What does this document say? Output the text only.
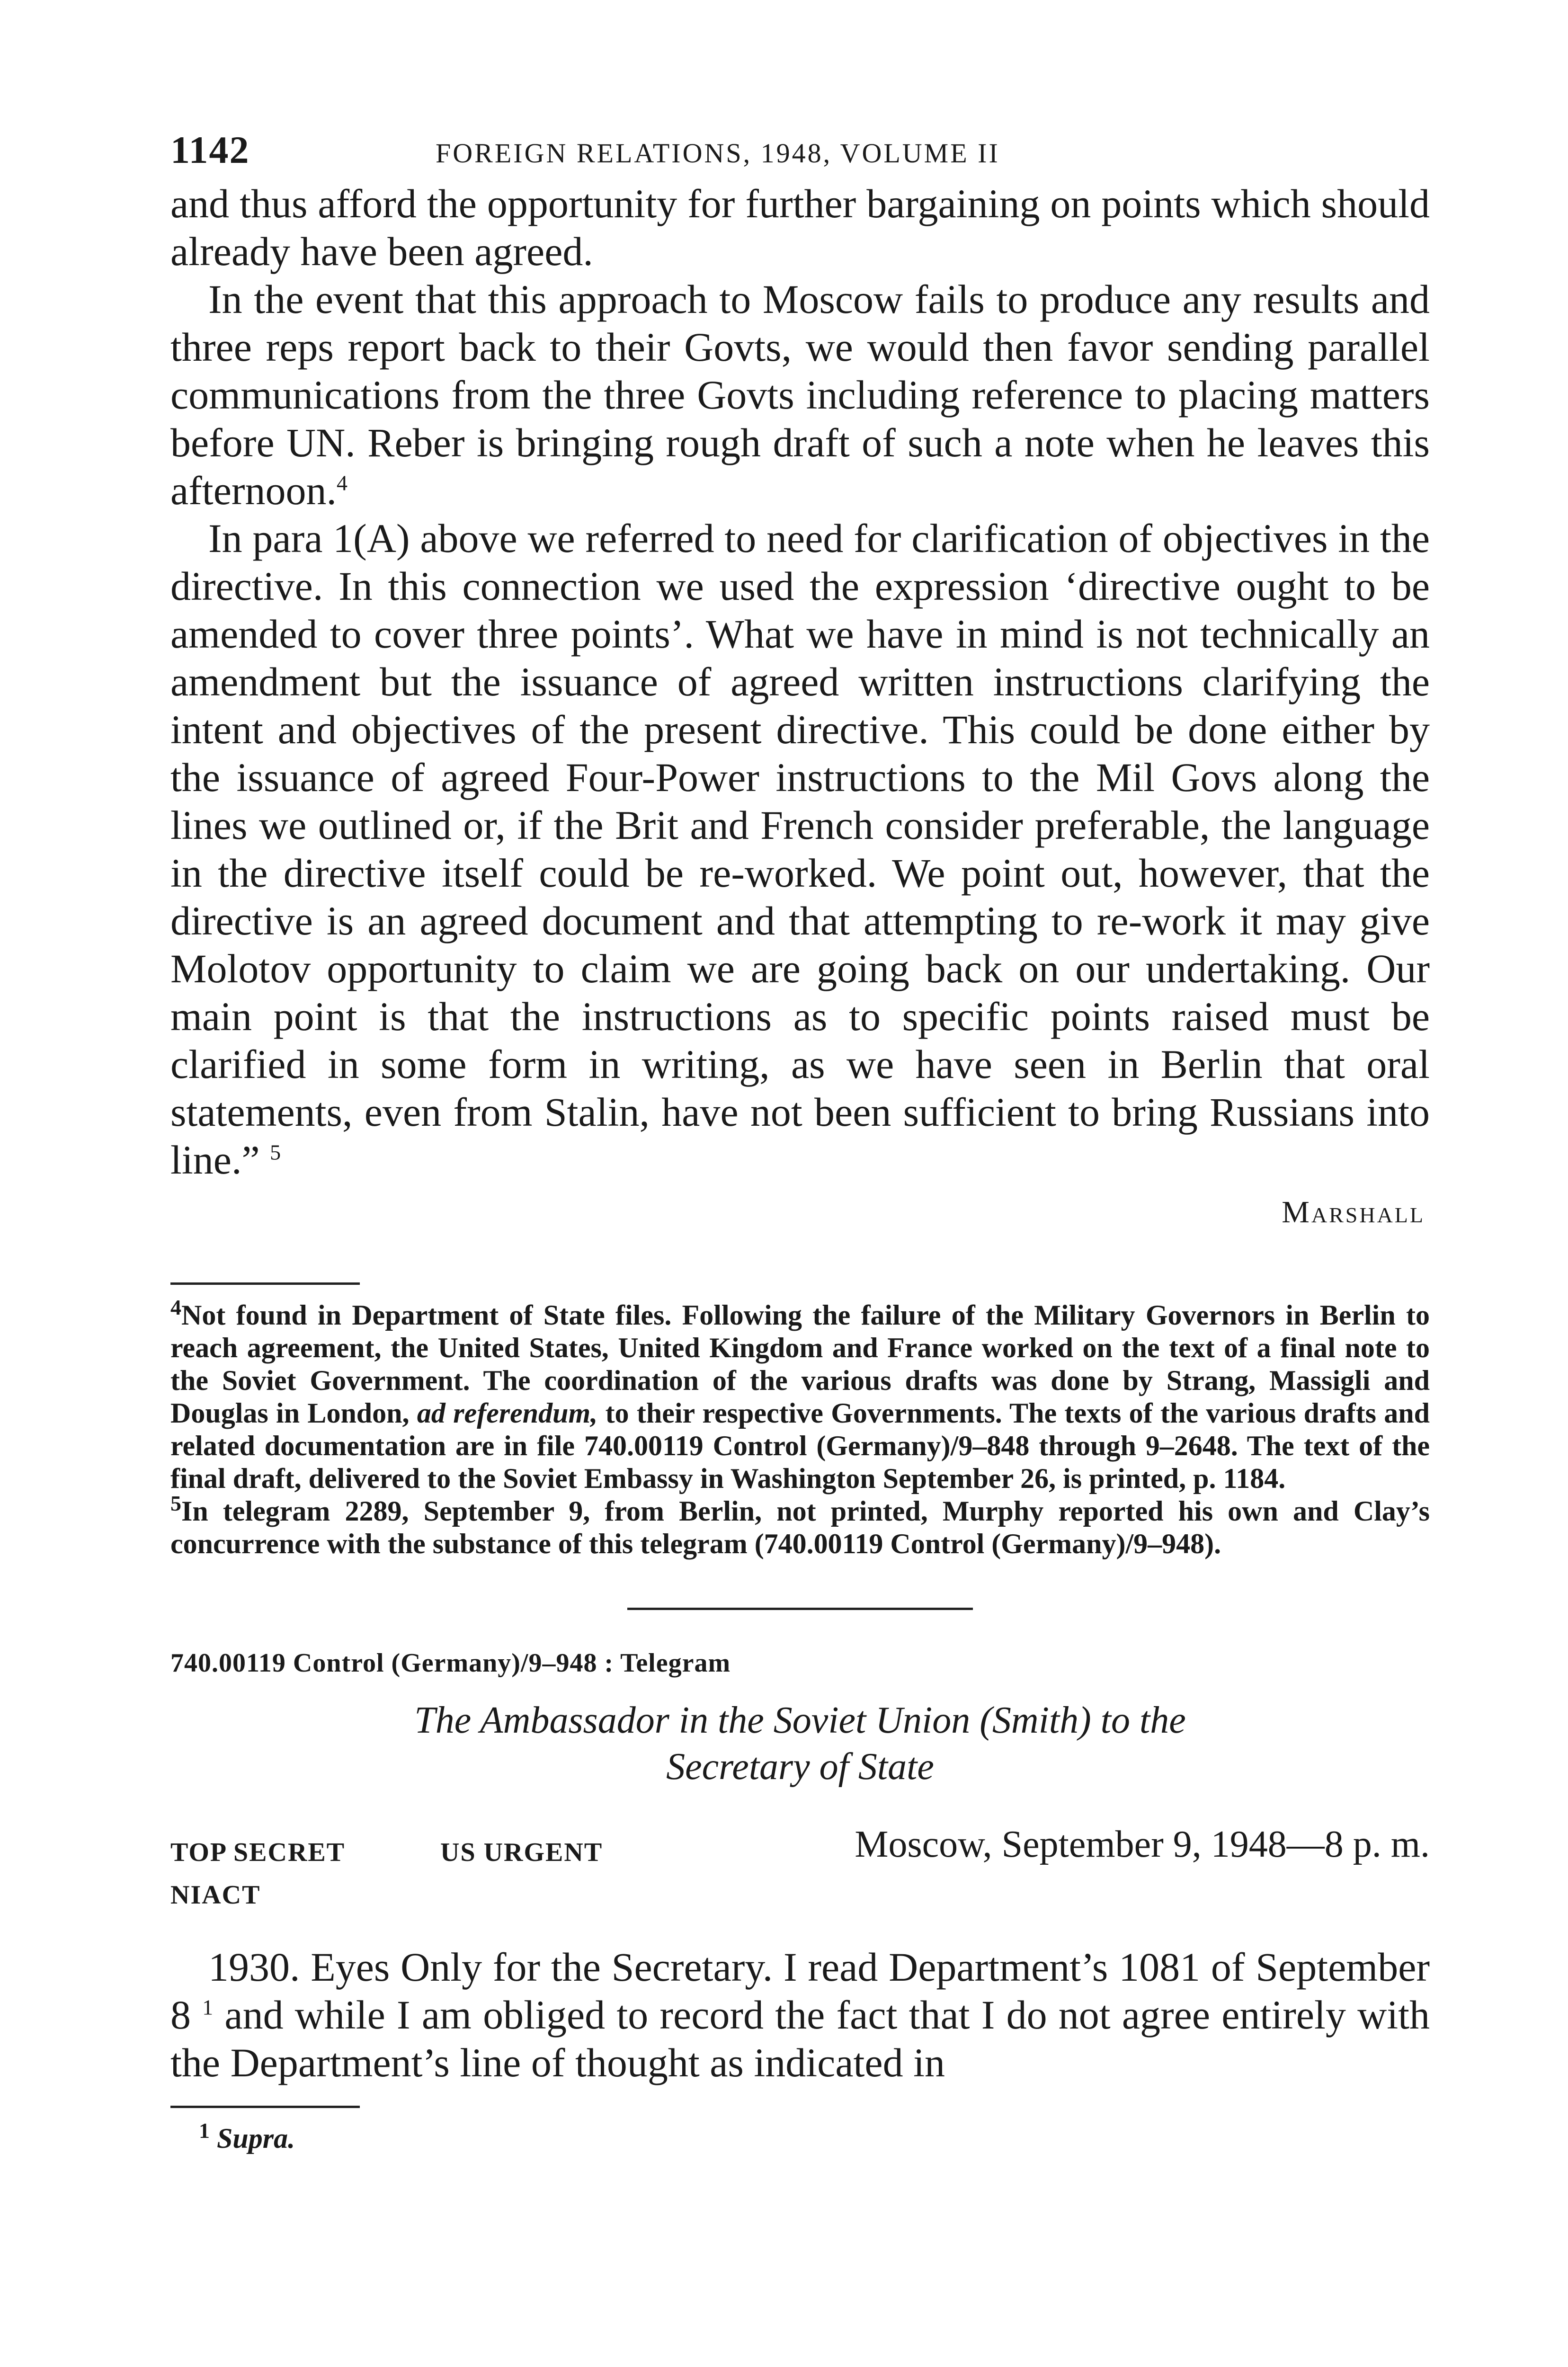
1142	FOREIGN RELATIONS, 1948, VOLUME II

and thus afford the opportunity for further bargaining on points which should already have been agreed.

In the event that this approach to Moscow fails to produce any results and three reps report back to their Govts, we would then favor sending parallel communications from the three Govts including reference to placing matters before UN. Reber is bringing rough draft of such a note when he leaves this afternoon.$^4$

In para 1(A) above we referred to need for clarification of objectives in the directive. In this connection we used the expression ‘directive ought to be amended to cover three points’. What we have in mind is not technically an amendment but the issuance of agreed written instructions clarifying the intent and objectives of the present directive. This could be done either by the issuance of agreed Four-Power instructions to the Mil Govs along the lines we outlined or, if the Brit and French consider preferable, the language in the directive itself could be re-worked. We point out, however, that the directive is an agreed document and that attempting to re-work it may give Molotov opportunity to claim we are going back on our undertaking. Our main point is that the instructions as to specific points raised must be clarified in some form in writing, as we have seen in Berlin that oral statements, even from Stalin, have not been sufficient to bring Russians into line.” $^5$

Marshall

$^4$Not found in Department of State files. Following the failure of the Military Governors in Berlin to reach agreement, the United States, United Kingdom and France worked on the text of a final note to the Soviet Government. The coordination of the various drafts was done by Strang, Massigli and Douglas in London, ad referendum, to their respective Governments. The texts of the various drafts and related documentation are in file 740.00119 Control (Germany)/9–848 through 9–2648. The text of the final draft, delivered to the Soviet Embassy in Washington September 26, is printed, p. 1184.

$^5$In telegram 2289, September 9, from Berlin, not printed, Murphy reported his own and Clay’s concurrence with the substance of this telegram (740.00119 Control (Germany)/9–948).

740.00119 Control (Germany)/9–948 : Telegram
The Ambassador in the Soviet Union (Smith) to the
Secretary of State
TOP SECRET	US URGENT	Moscow, September 9, 1948—8 p. m.
NIACT

1930. Eyes Only for the Secretary. I read Department’s 1081 of September 8 $^1$ and while I am obliged to record the fact that I do not agree entirely with the Department’s line of thought as indicated in

$^1$ Supra.
